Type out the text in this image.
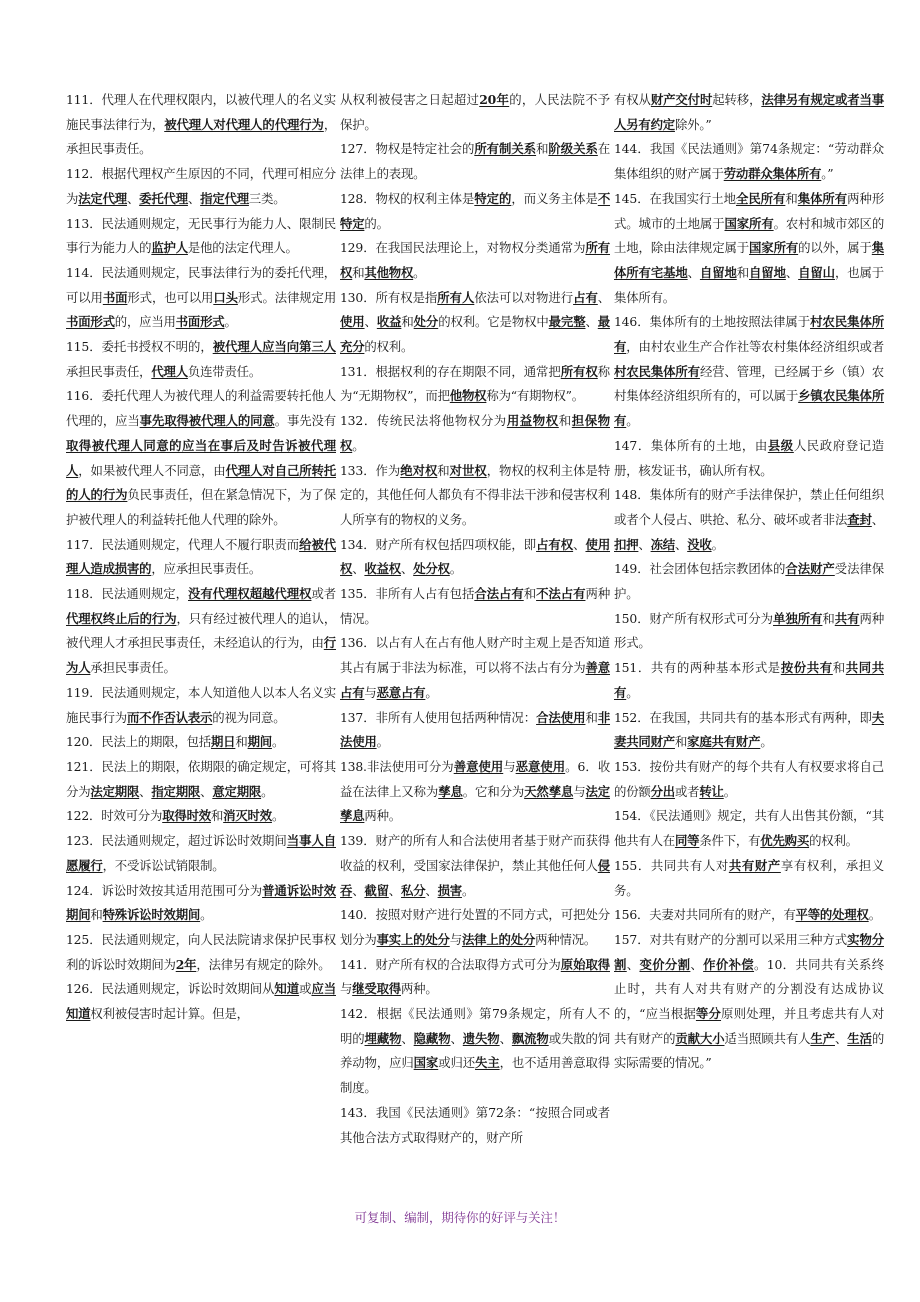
111．代理人在代理权限内，以被代理人的名义实施民事法律行为，被代理人对代理人的代理行为，承担民事责任。

112．根据代理权产生原因的不同，代理可相应分为法定代理、委托代理、指定代理三类。

113．民法通则规定，无民事行为能力人、限制民事行为能力人的监护人是他的法定代理人。

114．民法通则规定，民事法律行为的委托代理，可以用书面形式，也可以用口头形式。法律规定用书面形式的，应当用书面形式。

115．委托书授权不明的，被代理人应当向第三人承担民事责任，代理人负连带责任。

116．委托代理人为被代理人的利益需要转托他人代理的，应当事先取得被代理人的同意。事先没有取得被代理人同意的应当在事后及时告诉被代理人，如果被代理人不同意，由代理人对自己所转托的人的行为负民事责任，但在紧急情况下，为了保护被代理人的利益转托他人代理的除外。

117．民法通则规定，代理人不履行职责而给被代理人造成损害的，应承担民事责任。

118．民法通则规定，没有代理权超越代理权或者代理权终止后的行为，只有经过被代理人的追认，被代理人才承担民事责任，未经追认的行为，由行为人承担民事责任。

119．民法通则规定，本人知道他人以本人名义实施民事行为而不作否认表示的视为同意。

120．民法上的期限，包括期日和期间。

121．民法上的期限，依期限的确定规定，可将其分为法定期限、指定期限、意定期限。

122．时效可分为取得时效和消灭时效。

123．民法通则规定，超过诉讼时效期间当事人自愿履行，不受诉讼试销限制。

124．诉讼时效按其适用范围可分为普通诉讼时效期间和特殊诉讼时效期间。

125．民法通则规定，向人民法院请求保护民事权利的诉讼时效期间为2年，法律另有规定的除外。

126．民法通则规定，诉讼时效期间从知道或应当知道权利被侵害时起计算。但是，

从权利被侵害之日起超过20年的，人民法院不予保护。

127．物权是特定社会的所有制关系和阶级关系在法律上的表现。

128．物权的权利主体是特定的，而义务主体是不特定的。

129．在我国民法理论上，对物权分类通常为所有权和其他物权。

130．所有权是指所有人依法可以对物进行占有、使用、收益和处分的权利。它是物权中最完整、最充分的权利。

131．根据权利的存在期限不同，通常把所有权称为“无期物权”，而把他物权称为“有期物权”。

132．传统民法将他物权分为用益物权和担保物权。

133．作为绝对权和对世权，物权的权利主体是特定的，其他任何人都负有不得非法干涉和侵害权利人所享有的物权的义务。

134．财产所有权包括四项权能，即占有权、使用权、收益权、处分权。

135．非所有人占有包括合法占有和不法占有两种情况。

136．以占有人在占有他人财产时主观上是否知道其占有属于非法为标准，可以将不法占有分为善意占有与恶意占有。

137．非所有人使用包括两种情况：合法使用和非法使用。

138.非法使用可分为善意使用与恶意使用。6．收益在法律上又称为孳息。它和分为天然孳息与法定孳息两种。

139．财产的所有人和合法使用者基于财产而获得收益的权利，受国家法律保护，禁止其他任何人侵吞、截留、私分、损害。

140．按照对财产进行处置的不同方式，可把处分划分为事实上的处分与法律上的处分两种情况。

141．财产所有权的合法取得方式可分为原始取得与继受取得两种。

142．根据《民法通则》第79条规定，所有人不明的埋藏物、隐藏物、遗失物、飘流物或失散的饲养动物，应归国家或归还失主，也不适用善意取得制度。

143．我国《民法通则》第72条：“按照合同或者其他合法方式取得财产的，财产所

有权从财产交付时起转移，法律另有规定或者当事人另有约定除外。”

144．我国《民法通则》第74条规定：“劳动群众集体组织的财产属于劳动群众集体所有。”

145．在我国实行土地全民所有和集体所有两种形式。城市的土地属于国家所有。农村和城市郊区的土地，除由法律规定属于国家所有的以外，属于集体所有宅基地、自留地和自留地、自留山，也属于集体所有。

146．集体所有的土地按照法律属于村农民集体所有，由村农业生产合作社等农村集体经济组织或者村农民集体所有经营、管理，已经属于乡（镇）农村集体经济组织所有的，可以属于乡镇农民集体所有。

147．集体所有的土地，由县级人民政府登记造册，核发证书，确认所有权。

148．集体所有的财产手法律保护，禁止任何组织或者个人侵占、哄抢、私分、破坏或者非法查封、扣押、冻结、没收。

149．社会团体包括宗教团体的合法财产受法律保护。

150．财产所有权形式可分为单独所有和共有两种形式。

151．共有的两种基本形式是按份共有和共同共有。

152．在我国，共同共有的基本形式有两种，即夫妻共同财产和家庭共有财产。

153．按份共有财产的每个共有人有权要求将自己的份额分出或者转让。

154．《民法通则》规定，共有人出售其份额，“其他共有人在同等条件下，有优先购买的权利。

155．共同共有人对共有财产享有权利，承担义务。

156．夫妻对共同所有的财产，有平等的处理权。

157．对共有财产的分割可以采用三种方式实物分割、变价分割、作价补偿。10．共同共有关系终止时，共有人对共有财产的分割没有达成协议的，“应当根据等分原则处理，并且考虑共有人对共有财产的贡献大小适当照顾共有人生产、生活的实际需要的情况。”

可复制、编制，期待你的好评与关注！
